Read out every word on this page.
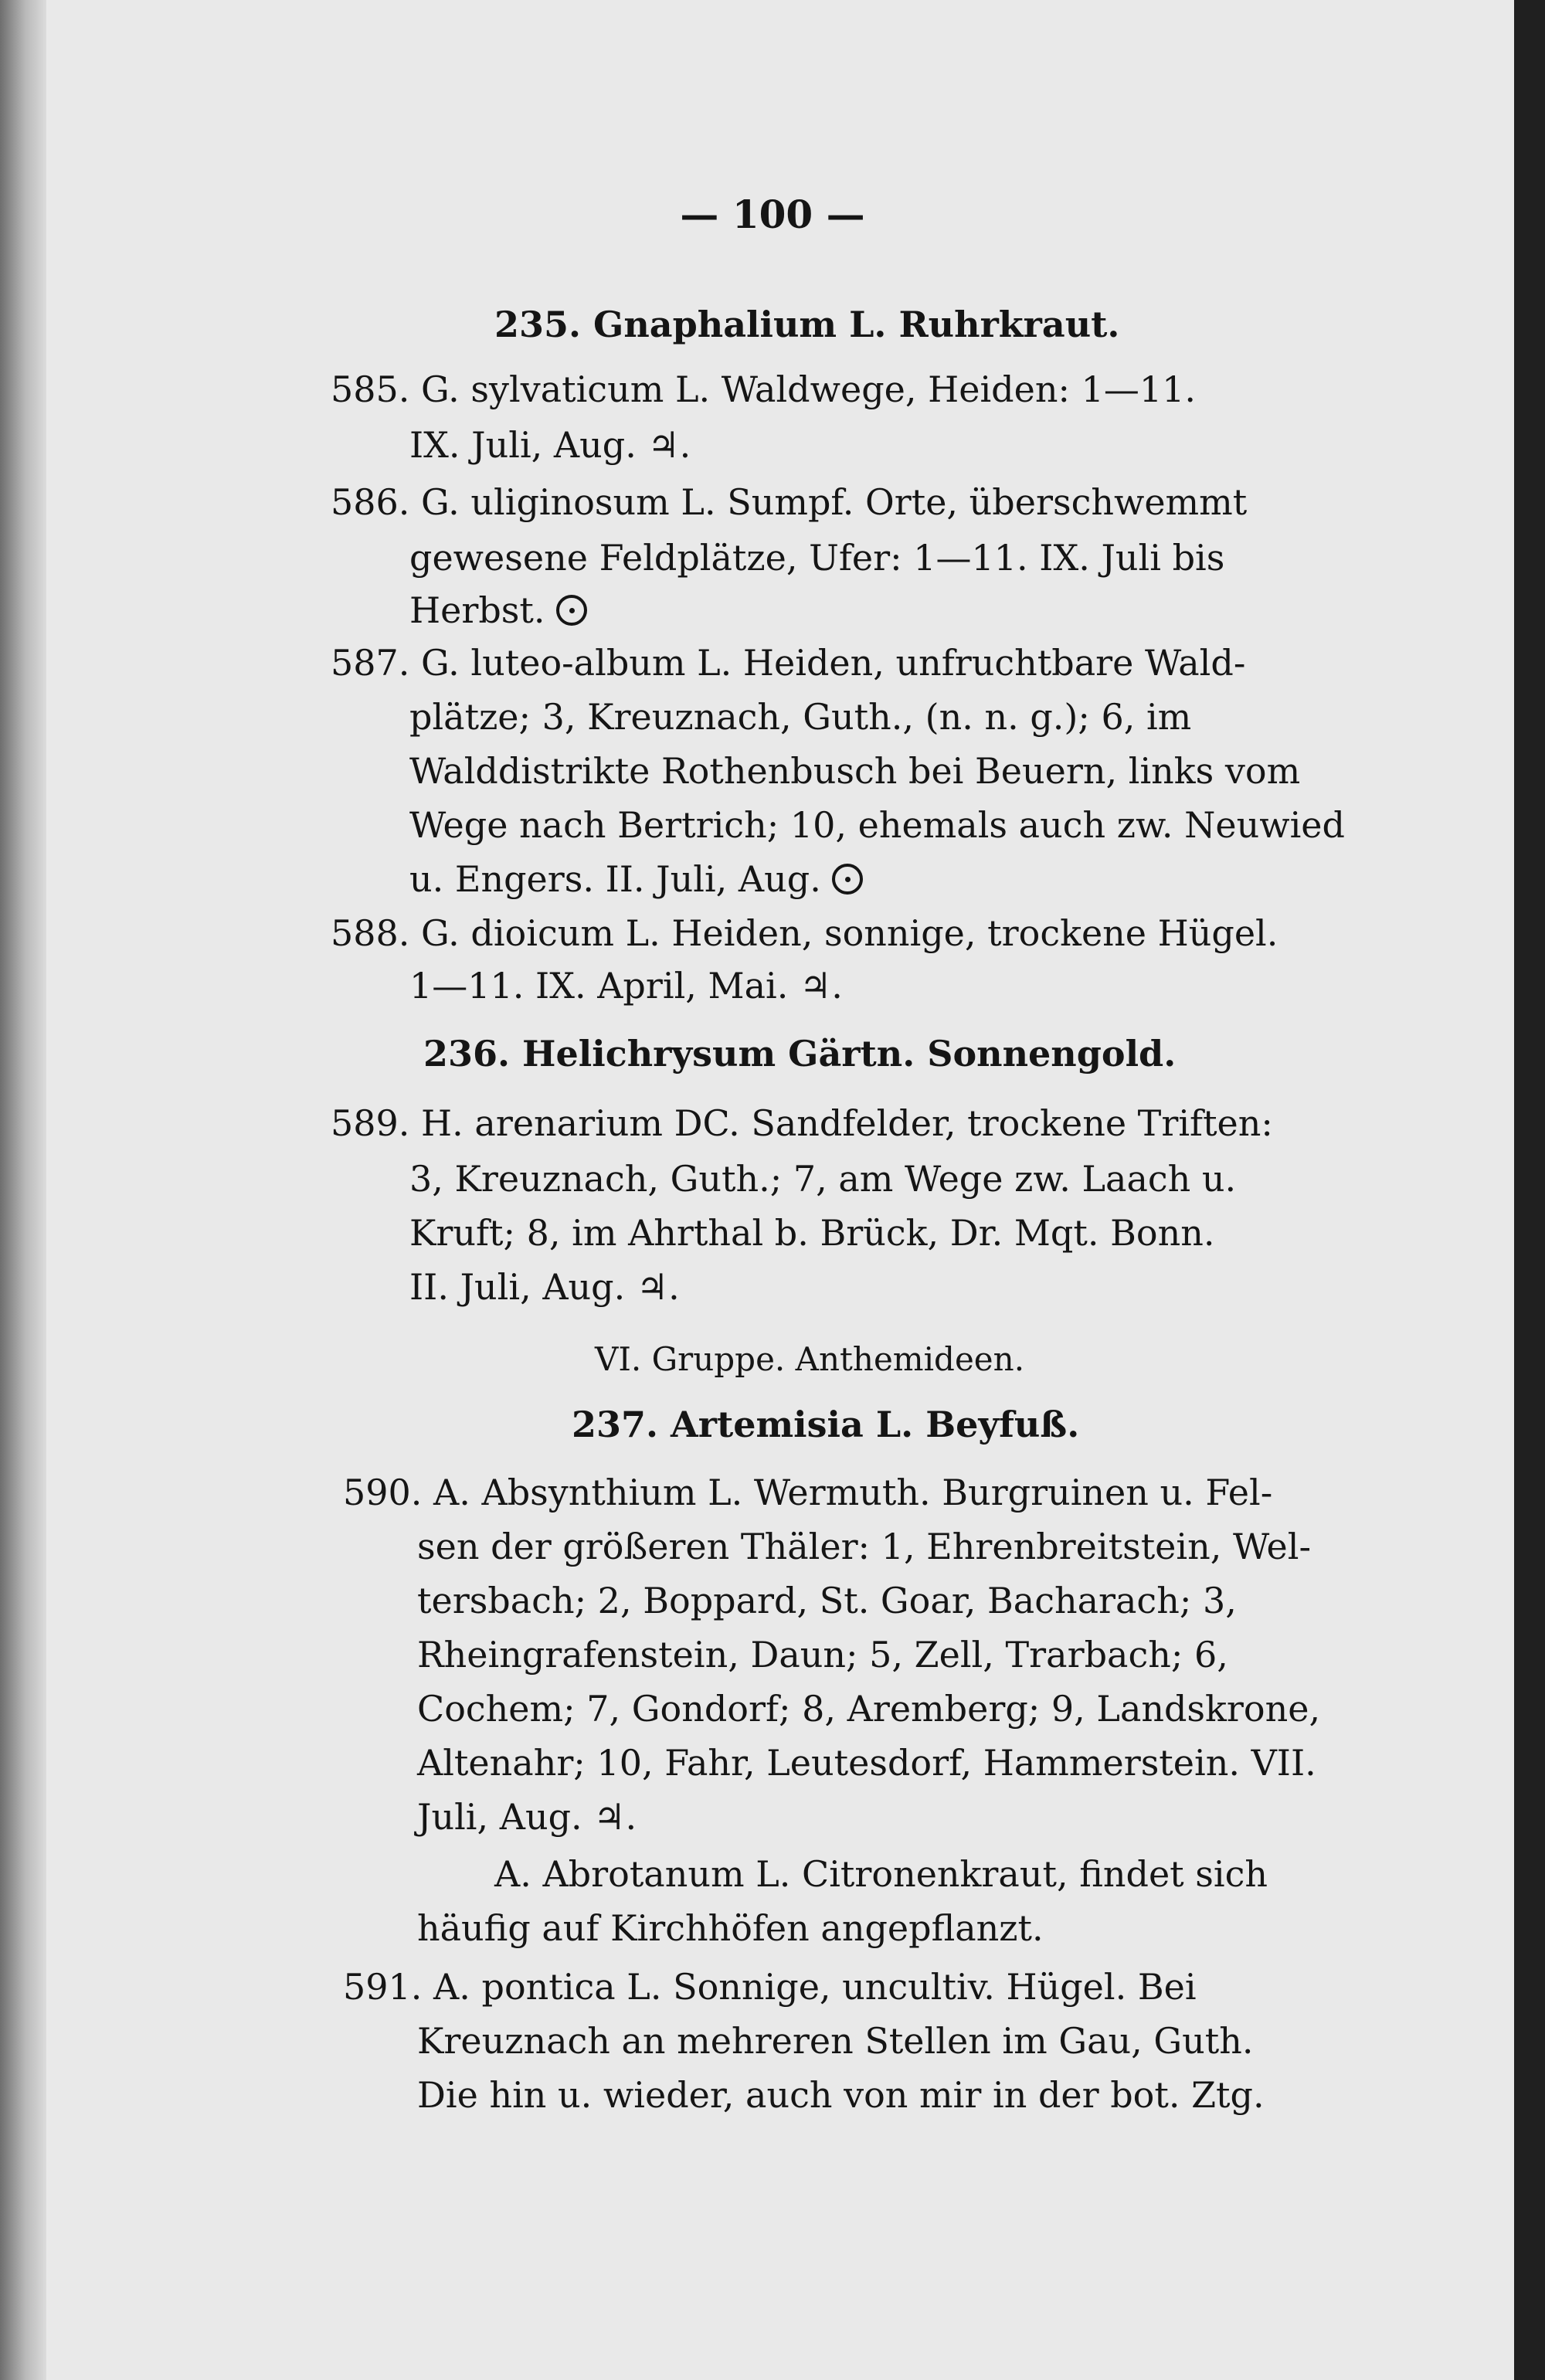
— 100 —
235. Gnaphalium L. Ruhrkraut.
585. G. sylvaticum L. Waldwege, Heiden: 1—11.
IX. Juli, Aug. ♃.
586. G. uliginosum L. Sumpf. Orte, überschwemmt
gewesene Feldplätze, Ufer: 1—11. IX. Juli bis
Herbst.
587. G. luteo-album L. Heiden, unfruchtbare Wald-
plätze; 3, Kreuznach, Guth., (n. n. g.); 6, im
Walddistrikte Rothenbusch bei Beuern, links vom
Wege nach Bertrich; 10, ehemals auch zw. Neuwied
u. Engers. II. Juli, Aug.
588. G. dioicum L. Heiden, sonnige, trockene Hügel.
1—11. IX. April, Mai. ♃.
236. Helichrysum Gärtn. Sonnengold.
589. H. arenarium DC. Sandfelder, trockene Triften:
3, Kreuznach, Guth.; 7, am Wege zw. Laach u.
Kruft; 8, im Ahrthal b. Brück, Dr. Mqt. Bonn.
II. Juli, Aug. ♃.
VI. Gruppe. Anthemideen.
237. Artemisia L. Beyfuß.
590. A. Absynthium L. Wermuth. Burgruinen u. Fel-
sen der größeren Thäler: 1, Ehrenbreitstein, Wel-
tersbach; 2, Boppard, St. Goar, Bacharach; 3,
Rheingrafenstein, Daun; 5, Zell, Trarbach; 6,
Cochem; 7, Gondorf; 8, Aremberg; 9, Landskrone,
Altenahr; 10, Fahr, Leutesdorf, Hammerstein. VII.
Juli, Aug. ♃.
A. Abrotanum L. Citronenkraut, findet sich
häufig auf Kirchhöfen angepflanzt.
591. A. pontica L. Sonnige, uncultiv. Hügel. Bei
Kreuznach an mehreren Stellen im Gau, Guth.
Die hin u. wieder, auch von mir in der bot. Ztg.
